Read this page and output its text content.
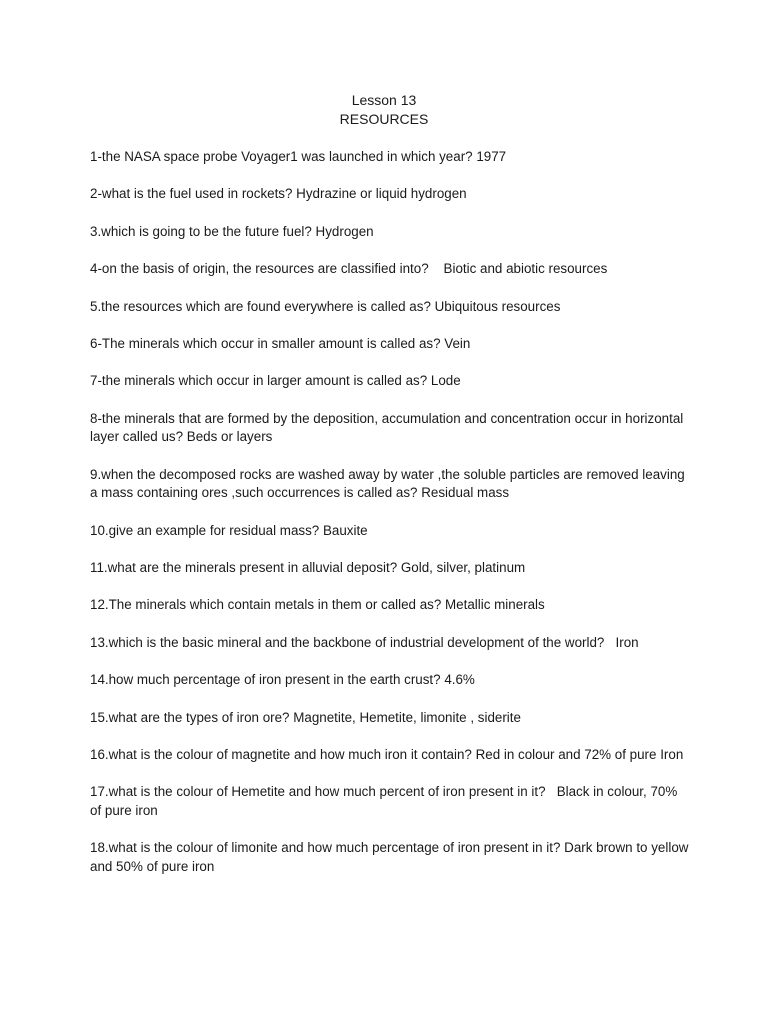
Lesson 13
RESOURCES
1-the NASA space probe Voyager1 was launched in which year? 1977
2-what is the fuel used in rockets? Hydrazine or liquid hydrogen
3.which is going to be the future fuel? Hydrogen
4-on the basis of origin, the resources are classified into?    Biotic and abiotic resources
5.the resources which are found everywhere is called as? Ubiquitous resources
6-The minerals which occur in smaller amount is called as? Vein
7-the minerals which occur in larger amount is called as? Lode
8-the minerals that are formed by the deposition, accumulation and concentration occur in horizontal layer called us? Beds or layers
9.when the decomposed rocks are washed away by water ,the soluble particles are removed leaving a mass containing ores ,such occurrences is called as? Residual mass
10.give an example for residual mass? Bauxite
11.what are the minerals present in alluvial deposit? Gold, silver, platinum
12.The minerals which contain metals in them or called as? Metallic minerals
13.which is the basic mineral and the backbone of industrial development of the world?   Iron
14.how much percentage of iron present in the earth crust? 4.6%
15.what are the types of iron ore? Magnetite, Hemetite, limonite , siderite
16.what is the colour of magnetite and how much iron it contain? Red in colour and 72% of pure Iron
17.what is the colour of Hemetite and how much percent of iron present in it?   Black in colour, 70% of pure iron
18.what is the colour of limonite and how much percentage of iron present in it? Dark brown to yellow and 50% of pure iron
